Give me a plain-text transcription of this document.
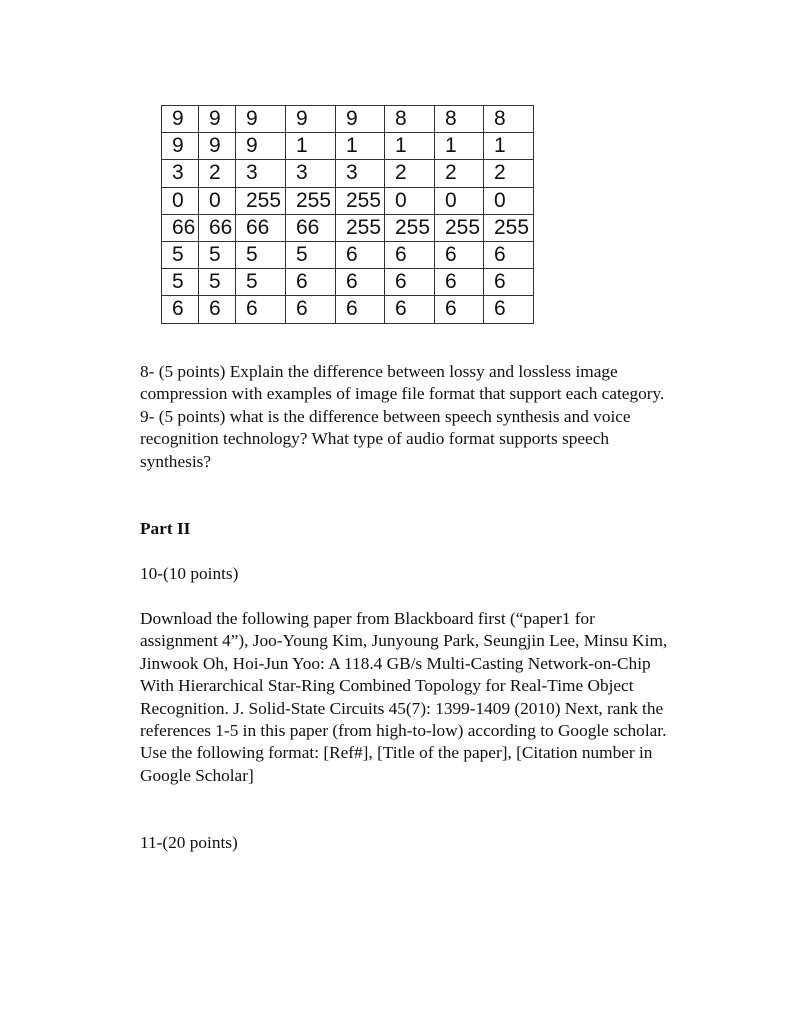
9	9	9	9	9	8	8	8
9	9	9	1	1	1	1	1
3	2	3	3	3	2	2	2
0	0	255	255	255	0	0	0
66	66	66	66	255	255	255	255
5	5	5	5	6	6	6	6
5	5	5	6	6	6	6	6
6	6	6	6	6	6	6	6
8- (5 points) Explain the difference between lossy and lossless image
compression with examples of image file format that support each category.
9- (5 points) what is the difference between speech synthesis and voice
recognition technology? What type of audio format supports speech
synthesis?
Part II
10-(10 points)
Download the following paper from Blackboard first (“paper1 for
assignment 4”), Joo-Young Kim, Junyoung Park, Seungjin Lee, Minsu Kim,
Jinwook Oh, Hoi-Jun Yoo: A 118.4 GB/s Multi-Casting Network-on-Chip
With Hierarchical Star-Ring Combined Topology for Real-Time Object
Recognition. J. Solid-State Circuits 45(7): 1399-1409 (2010) Next, rank the
references 1-5 in this paper (from high-to-low) according to Google scholar.
Use the following format: [Ref#], [Title of the paper], [Citation number in
Google Scholar]
11-(20 points)
